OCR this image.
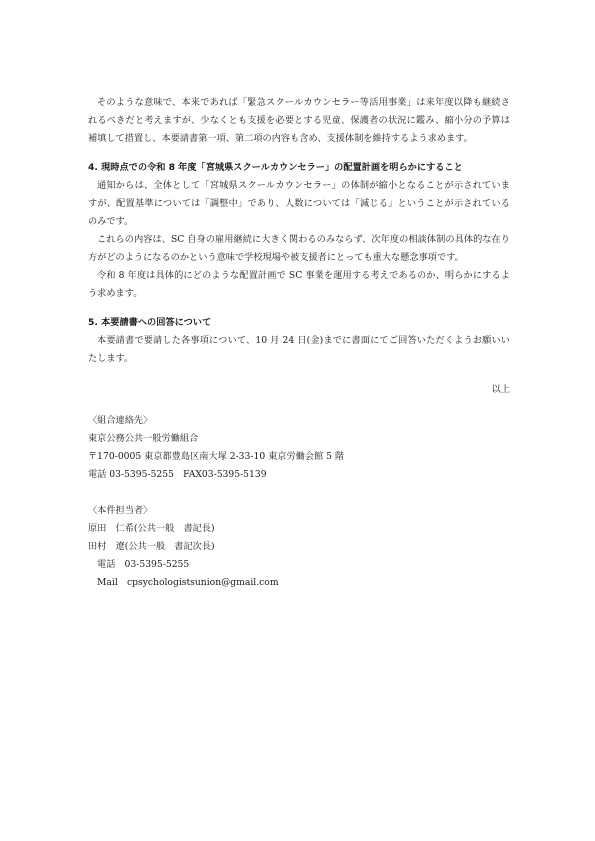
そのような意味で、本来であれば「緊急スクールカウンセラー等活用事業」は来年度以降も継続されるべきだと考えますが、少なくとも支援を必要とする児童、保護者の状況に鑑み、縮小分の予算は補填して措置し、本要請書第一項、第二項の内容も含め、支援体制を維持するよう求めます。

4. 現時点での令和 8 年度「宮城県スクールカウンセラー」の配置計画を明らかにすること

通知からは、全体として「宮城県スクールカウンセラー」の体制が縮小となることが示されていますが、配置基準については「調整中」であり、人数については「減じる」ということが示されているのみです。

これらの内容は、SC 自身の雇用継続に大きく関わるのみならず、次年度の相談体制の具体的な在り方がどのようになるのかという意味で学校現場や被支援者にとっても重大な懸念事項です。

令和 8 年度は具体的にどのような配置計画で SC 事業を運用する考えであるのか、明らかにするよう求めます。

5. 本要請書への回答について

本要請書で要請した各事項について、10 月 24 日(金)までに書面にてご回答いただくようお願いいたします。

以上

〈組合連絡先〉

東京公務公共一般労働組合

〒170-0005 東京都豊島区南大塚 2-33-10 東京労働会館 5 階

電話 03-5395-5255　FAX03-5395-5139

〈本件担当者〉

原田　仁希(公共一般　書記長)

田村　遼(公共一般　書記次長)

電話　03-5395-5255

Mail　cpsychologistsunion@gmail.com
